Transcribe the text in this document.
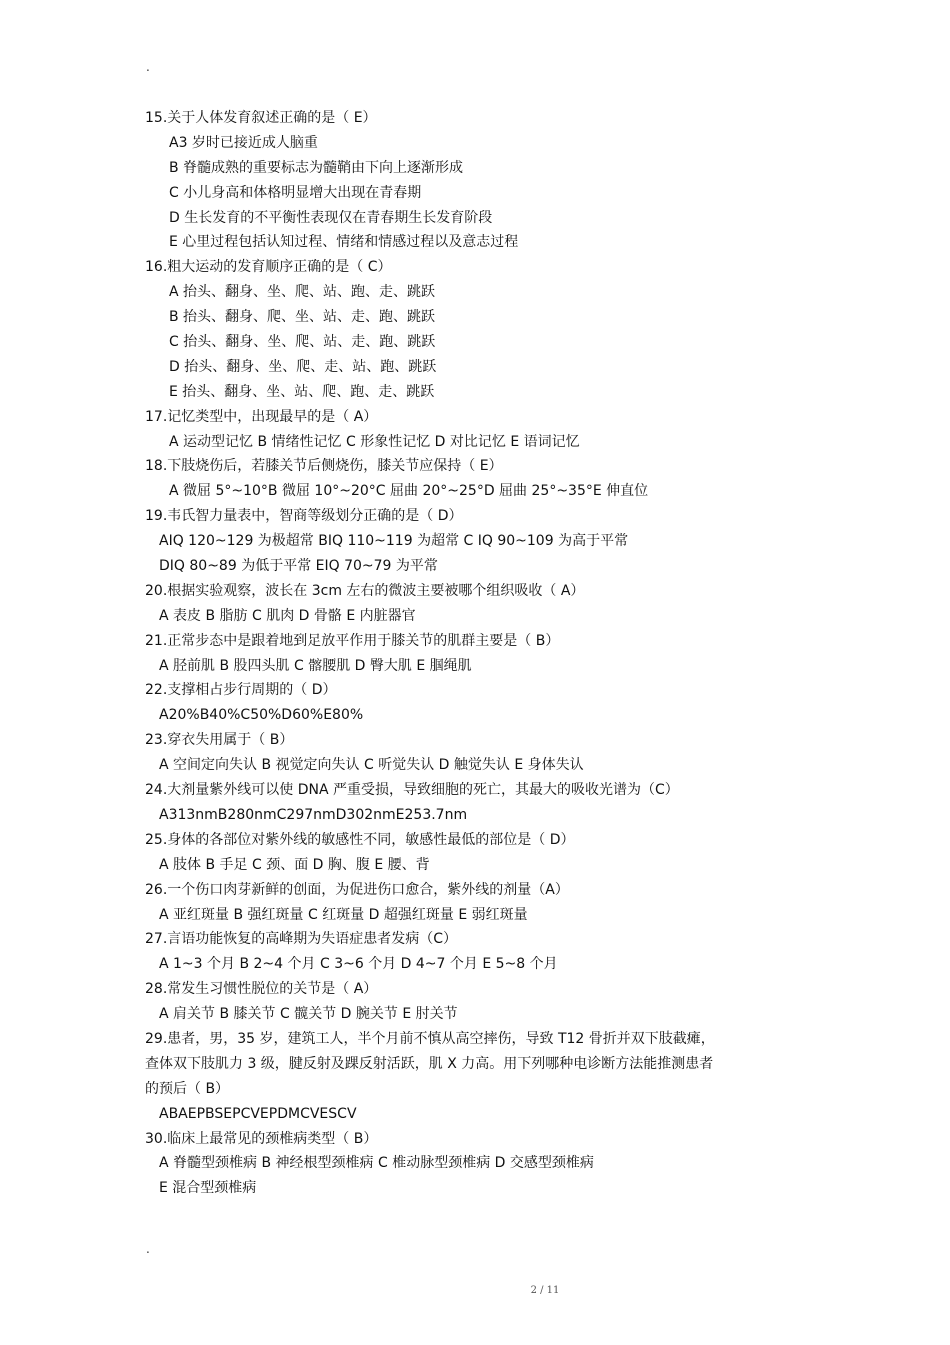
.
15.关于人体发育叙述正确的是（ E）
A3 岁时已接近成人脑重
B 脊髓成熟的重要标志为髓鞘由下向上逐渐形成
C 小儿身高和体格明显增大出现在青春期
D 生长发育的不平衡性表现仅在青春期生长发育阶段
E 心里过程包括认知过程、情绪和情感过程以及意志过程
16.粗大运动的发育顺序正确的是（ C）
A 抬头、翻身、坐、爬、站、跑、走、跳跃
B 抬头、翻身、爬、坐、站、走、跑、跳跃
C 抬头、翻身、坐、爬、站、走、跑、跳跃
D 抬头、翻身、坐、爬、走、站、跑、跳跃
E 抬头、翻身、坐、站、爬、跑、走、跳跃
17.记忆类型中，出现最早的是（ A）
A 运动型记忆 B 情绪性记忆 C 形象性记忆 D 对比记忆 E 语词记忆
18.下肢烧伤后，若膝关节后侧烧伤，膝关节应保持（ E）
A 微屈 5°~10°B 微屈 10°~20°C 屈曲 20°~25°D 屈曲 25°~35°E 伸直位
19.韦氏智力量表中，智商等级划分正确的是（ D）
AIQ 120~129 为极超常 BIQ 110~119 为超常 C IQ 90~109 为高于平常
DIQ 80~89 为低于平常 EIQ 70~79 为平常
20.根据实验观察，波长在 3cm 左右的微波主要被哪个组织吸收（ A）
A 表皮 B 脂肪 C 肌肉 D 骨骼 E 内脏器官
21.正常步态中是跟着地到足放平作用于膝关节的肌群主要是（ B）
A 胫前肌 B 股四头肌 C 髂腰肌 D 臀大肌 E 腘绳肌
22.支撑相占步行周期的（ D）
A20%B40%C50%D60%E80%
23.穿衣失用属于（ B）
A 空间定向失认 B 视觉定向失认 C 听觉失认 D 触觉失认 E 身体失认
24.大剂量紫外线可以使 DNA 严重受损，导致细胞的死亡，其最大的吸收光谱为（C）
A313nmB280nmC297nmD302nmE253.7nm
25.身体的各部位对紫外线的敏感性不同，敏感性最低的部位是（ D）
A 肢体 B 手足 C 颈、面 D 胸、腹 E 腰、背
26.一个伤口肉芽新鲜的创面，为促进伤口愈合，紫外线的剂量（A）
A 亚红斑量 B 强红斑量 C 红斑量 D 超强红斑量 E 弱红斑量
27.言语功能恢复的高峰期为失语症患者发病（C）
A 1~3 个月 B 2~4 个月 C 3~6 个月 D 4~7 个月 E 5~8 个月
28.常发生习惯性脱位的关节是（ A）
A 肩关节 B 膝关节 C 髋关节 D 腕关节 E 肘关节
29.患者，男，35 岁，建筑工人，半个月前不慎从高空摔伤，导致 T12 骨折并双下肢截瘫，
查体双下肢肌力 3 级，腱反射及踝反射活跃，肌 X 力高。用下列哪种电诊断方法能推测患者
的预后（ B）
ABAEPBSEPCVEPDMCVESCV
30.临床上最常见的颈椎病类型（ B）
A 脊髓型颈椎病 B 神经根型颈椎病 C 椎动脉型颈椎病 D 交感型颈椎病
E 混合型颈椎病
.
2 / 11
